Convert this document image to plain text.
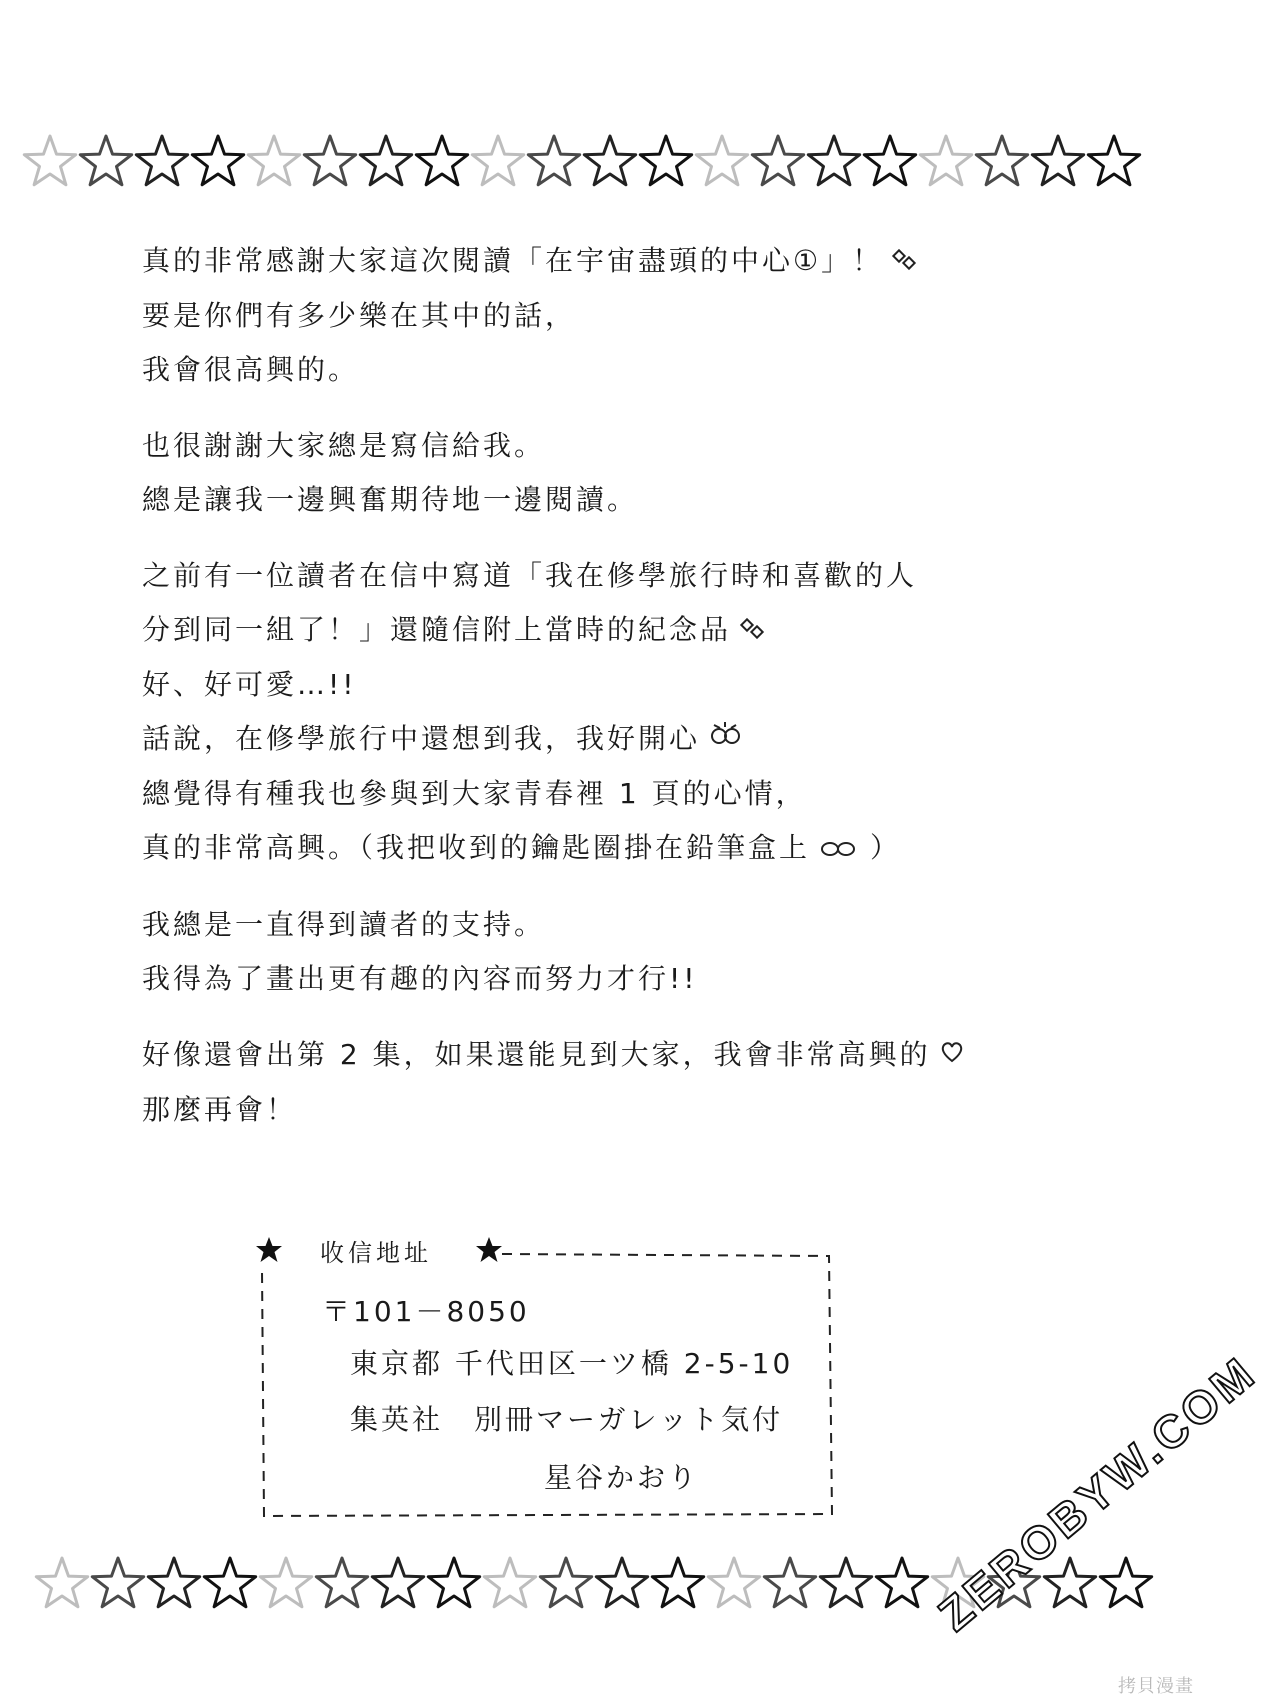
真的非常感謝大家這次閱讀「在宇宙盡頭的中心①」！
要是你們有多少樂在其中的話，
我會很高興的。
也很謝謝大家總是寫信給我。
總是讓我一邊興奮期待地一邊閱讀。
之前有一位讀者在信中寫道「我在修學旅行時和喜歡的人
分到同一組了！」還隨信附上當時的紀念品
好、好可愛…!!
話說，在修學旅行中還想到我，我好開心
總覺得有種我也參與到大家青春裡 1 頁的心情，
真的非常高興。（我把收到的鑰匙圈掛在鉛筆盒上 ）
我總是一直得到讀者的支持。
我得為了畫出更有趣的內容而努力才行!!
好像還會出第 2 集，如果還能見到大家，我會非常高興的
那麼再會！
收信地址
〒101－8050
東京都 千代田区一ツ橋 2-5-10
集英社　別冊マーガレット気付
星谷かおり	ZEROBYW.COM
拷貝漫畫
